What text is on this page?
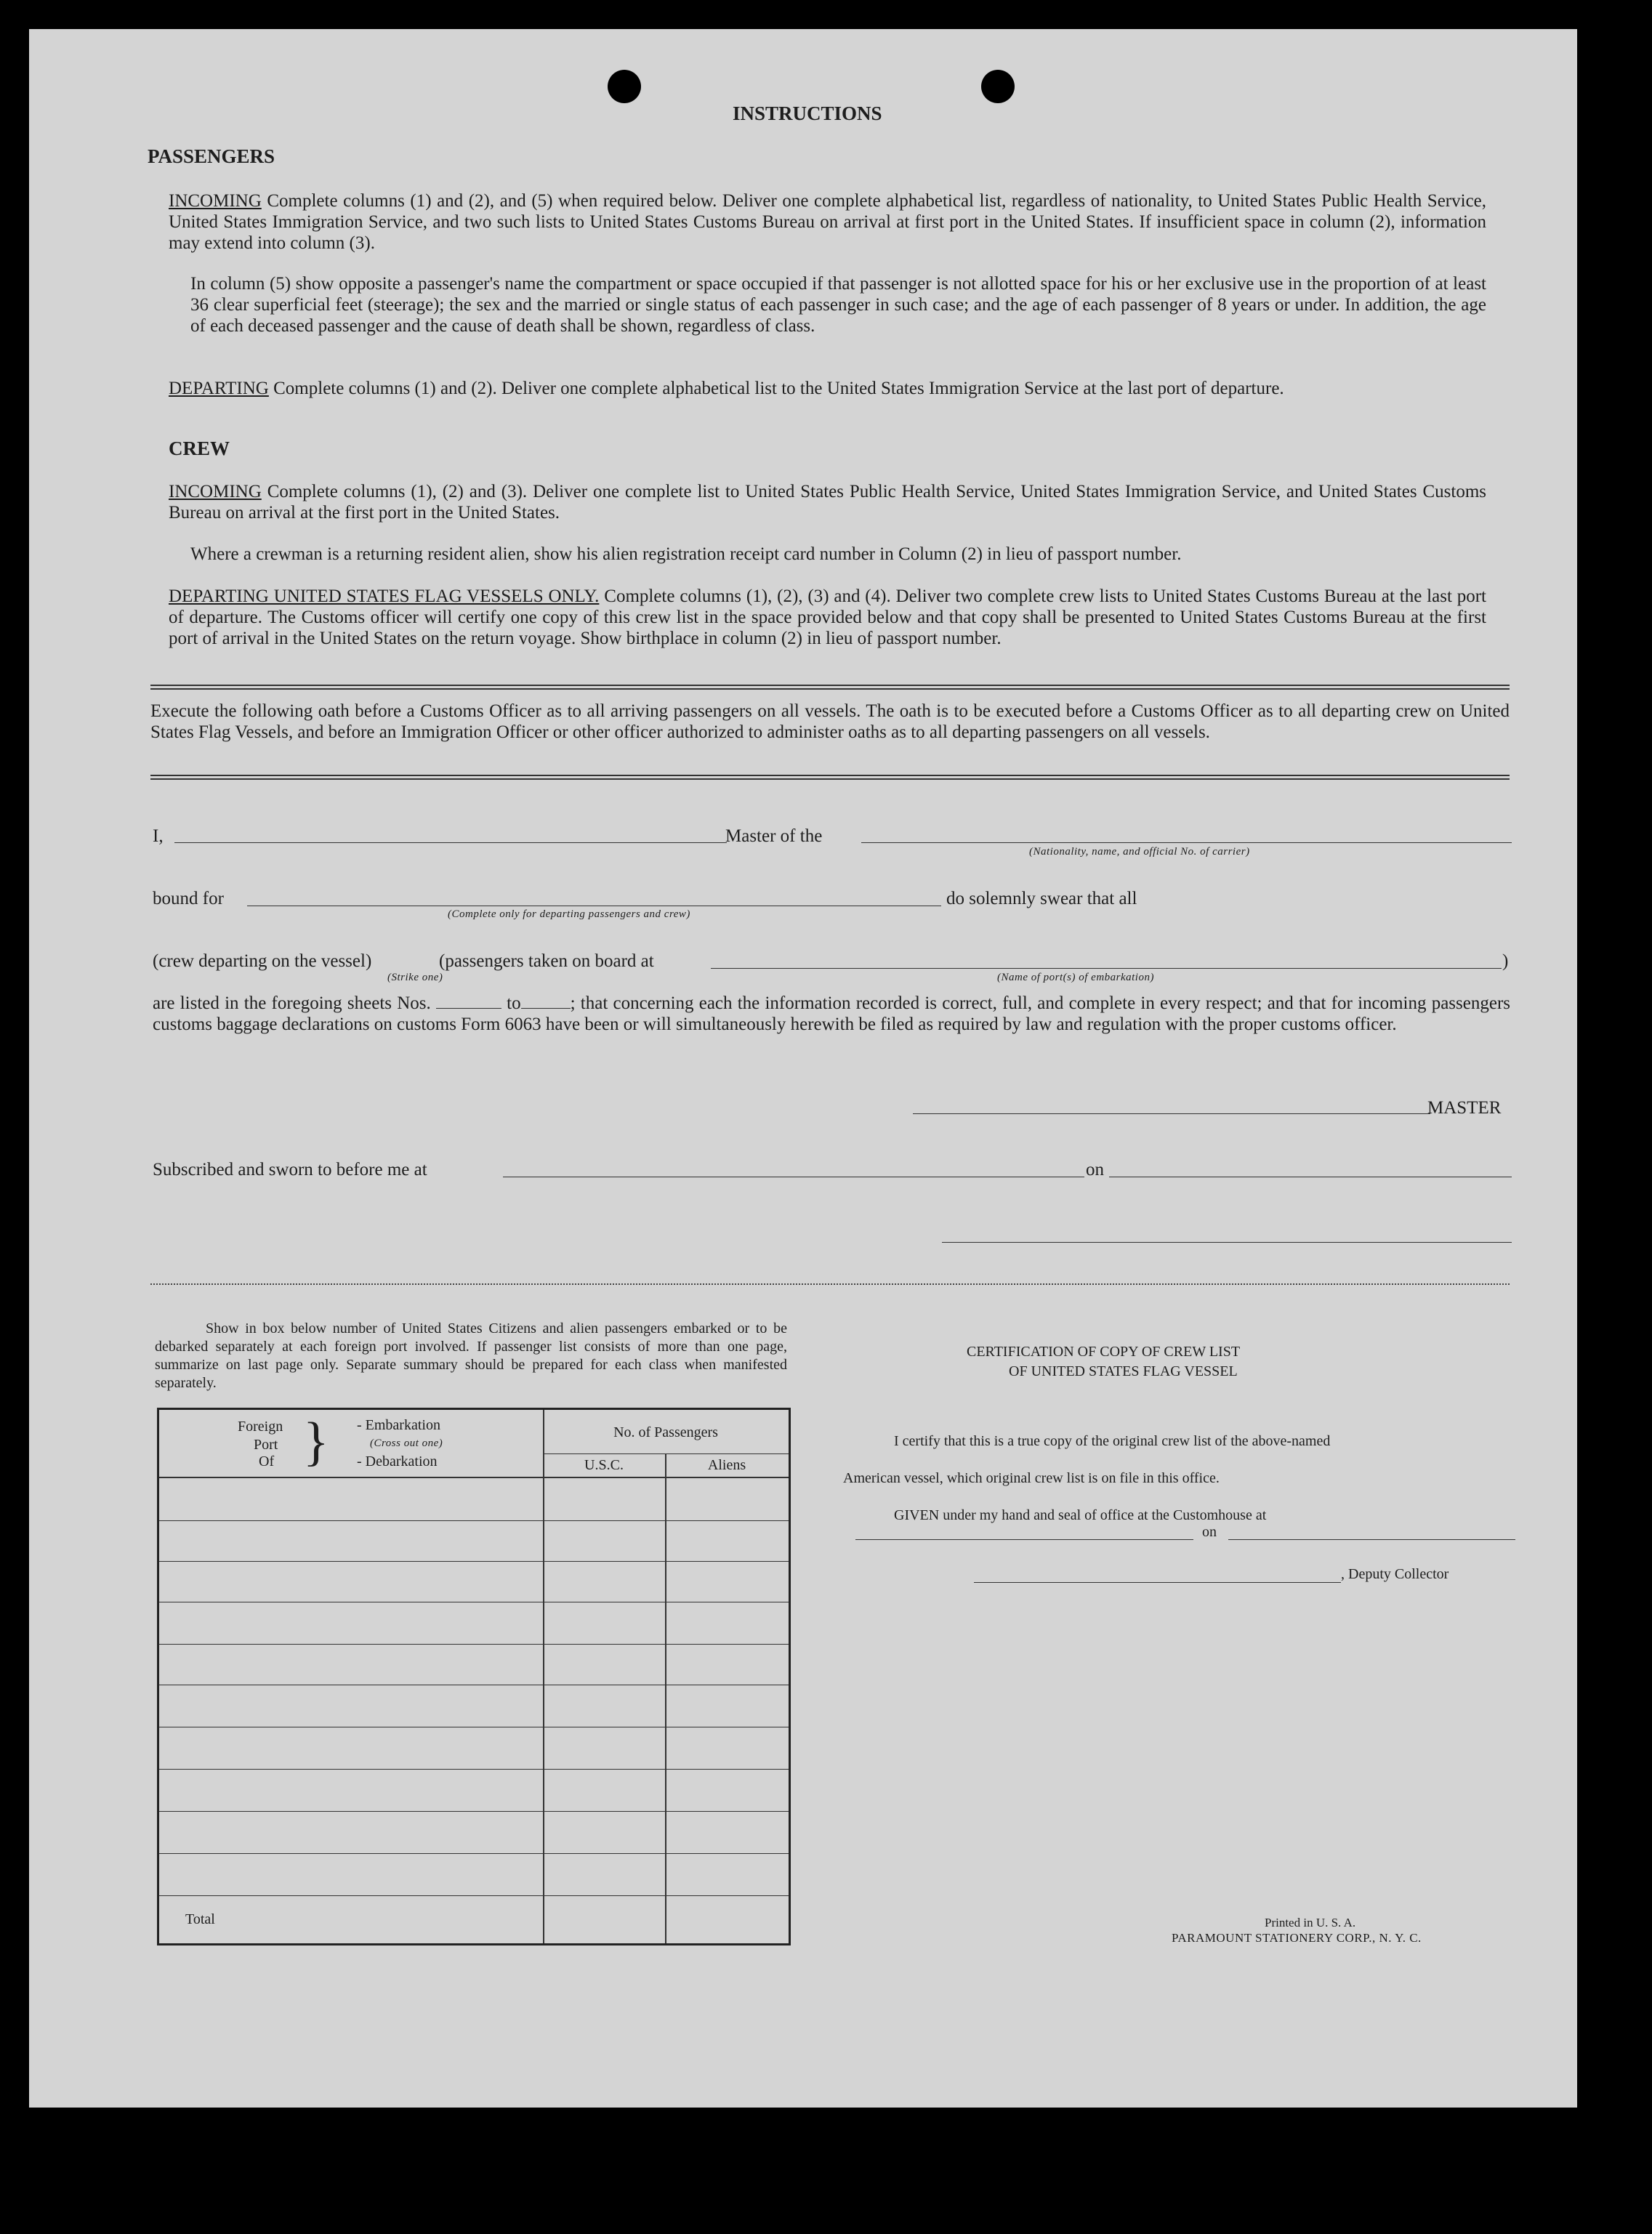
INSTRUCTIONS
PASSENGERS

INCOMING Complete columns (1) and (2), and (5) when required below. Deliver one complete alphabetical list, regardless of nationality, to United States Public Health Service, United States Immigration Service, and two such lists to United States Customs Bureau on arrival at first port in the United States. If insufficient space in column (2), information may extend into column (3).

In column (5) show opposite a passenger's name the compartment or space occupied if that passenger is not allotted space for his or her exclusive use in the proportion of at least 36 clear superficial feet (steerage); the sex and the married or single status of each passenger in such case; and the age of each passenger of 8 years or under. In addition, the age of each deceased passenger and the cause of death shall be shown, regardless of class.

DEPARTING Complete columns (1) and (2). Deliver one complete alphabetical list to the United States Immigration Service at the last port of departure.

CREW

INCOMING Complete columns (1), (2) and (3). Deliver one complete list to United States Public Health Service, United States Immigration Service, and United States Customs Bureau on arrival at the first port in the United States.

Where a crewman is a returning resident alien, show his alien registration receipt card number in Column (2) in lieu of passport number.

DEPARTING UNITED STATES FLAG VESSELS ONLY. Complete columns (1), (2), (3) and (4). Deliver two complete crew lists to United States Customs Bureau at the last port of departure. The Customs officer will certify one copy of this crew list in the space provided below and that copy shall be presented to United States Customs Bureau at the first port of arrival in the United States on the return voyage. Show birthplace in column (2) in lieu of passport number.

Execute the following oath before a Customs Officer as to all arriving passengers on all vessels. The oath is to be executed before a Customs Officer as to all departing crew on United States Flag Vessels, and before an Immigration Officer or other officer authorized to administer oaths as to all departing passengers on all vessels.
I,	Master of the
(Nationality, name, and official No. of carrier)
bound for
(Complete only for departing passengers and crew)
do solemnly swear that all
(crew departing on the vessel)	(passengers taken on board at	)
(Strike one)	(Name of port(s) of embarkation)
are listed in the foregoing sheets Nos.	to	; that concerning each the information recorded is correct, full, and complete in every respect; and that for incoming passengers customs baggage declarations on customs Form 6063 have been or will simultaneously herewith be filed as required by law and regulation with the proper customs officer.
MASTER
Subscribed and sworn to before me at	on
Show in box below number of United States Citizens and alien passengers embarked or to be debarked separately at each foreign port involved. If passenger list consists of more than one page, summarize on last page only. Separate summary should be prepared for each class when manifested separately.
Foreign
Port
Of } - Embarkation
(Cross out one)
- Debarkation
No. of Passengers
U.S.C.	Aliens
Total
CERTIFICATION OF COPY OF CREW LIST
OF UNITED STATES FLAG VESSEL
I certify that this is a true copy of the original crew list of the above-named
American vessel, which original crew list is on file in this office.
GIVEN under my hand and seal of office at the Customhouse at
on
, Deputy Collector
Printed in U. S. A.
PARAMOUNT STATIONERY CORP., N. Y. C.
